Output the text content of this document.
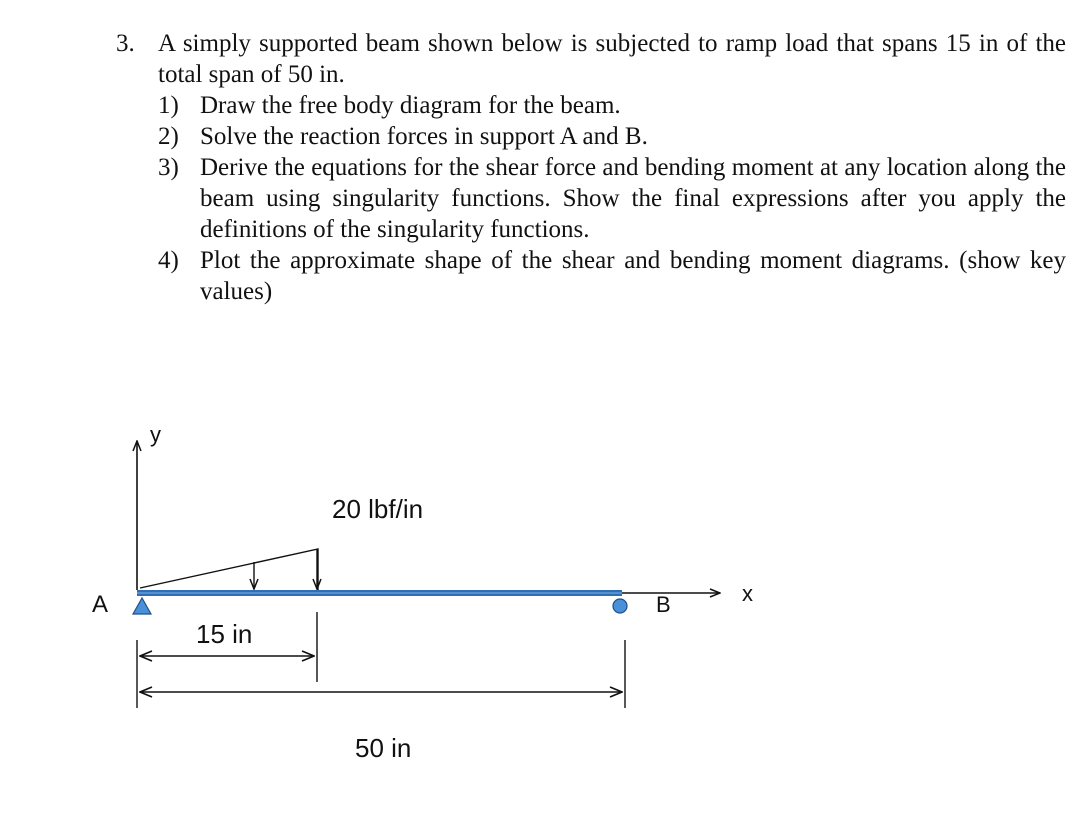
3. A simply supported beam shown below is subjected to ramp load that spans 15 in of the total span of 50 in.
1) Draw the free body diagram for the beam.
2) Solve the reaction forces in support A and B.
3) Derive the equations for the shear force and bending moment at any location along the beam using singularity functions. Show the final expressions after you apply the definitions of the singularity functions.
4) Plot the approximate shape of the shear and bending moment diagrams. (show key values)
y
20 lbf/in
A	B	x
15 in
50 in
